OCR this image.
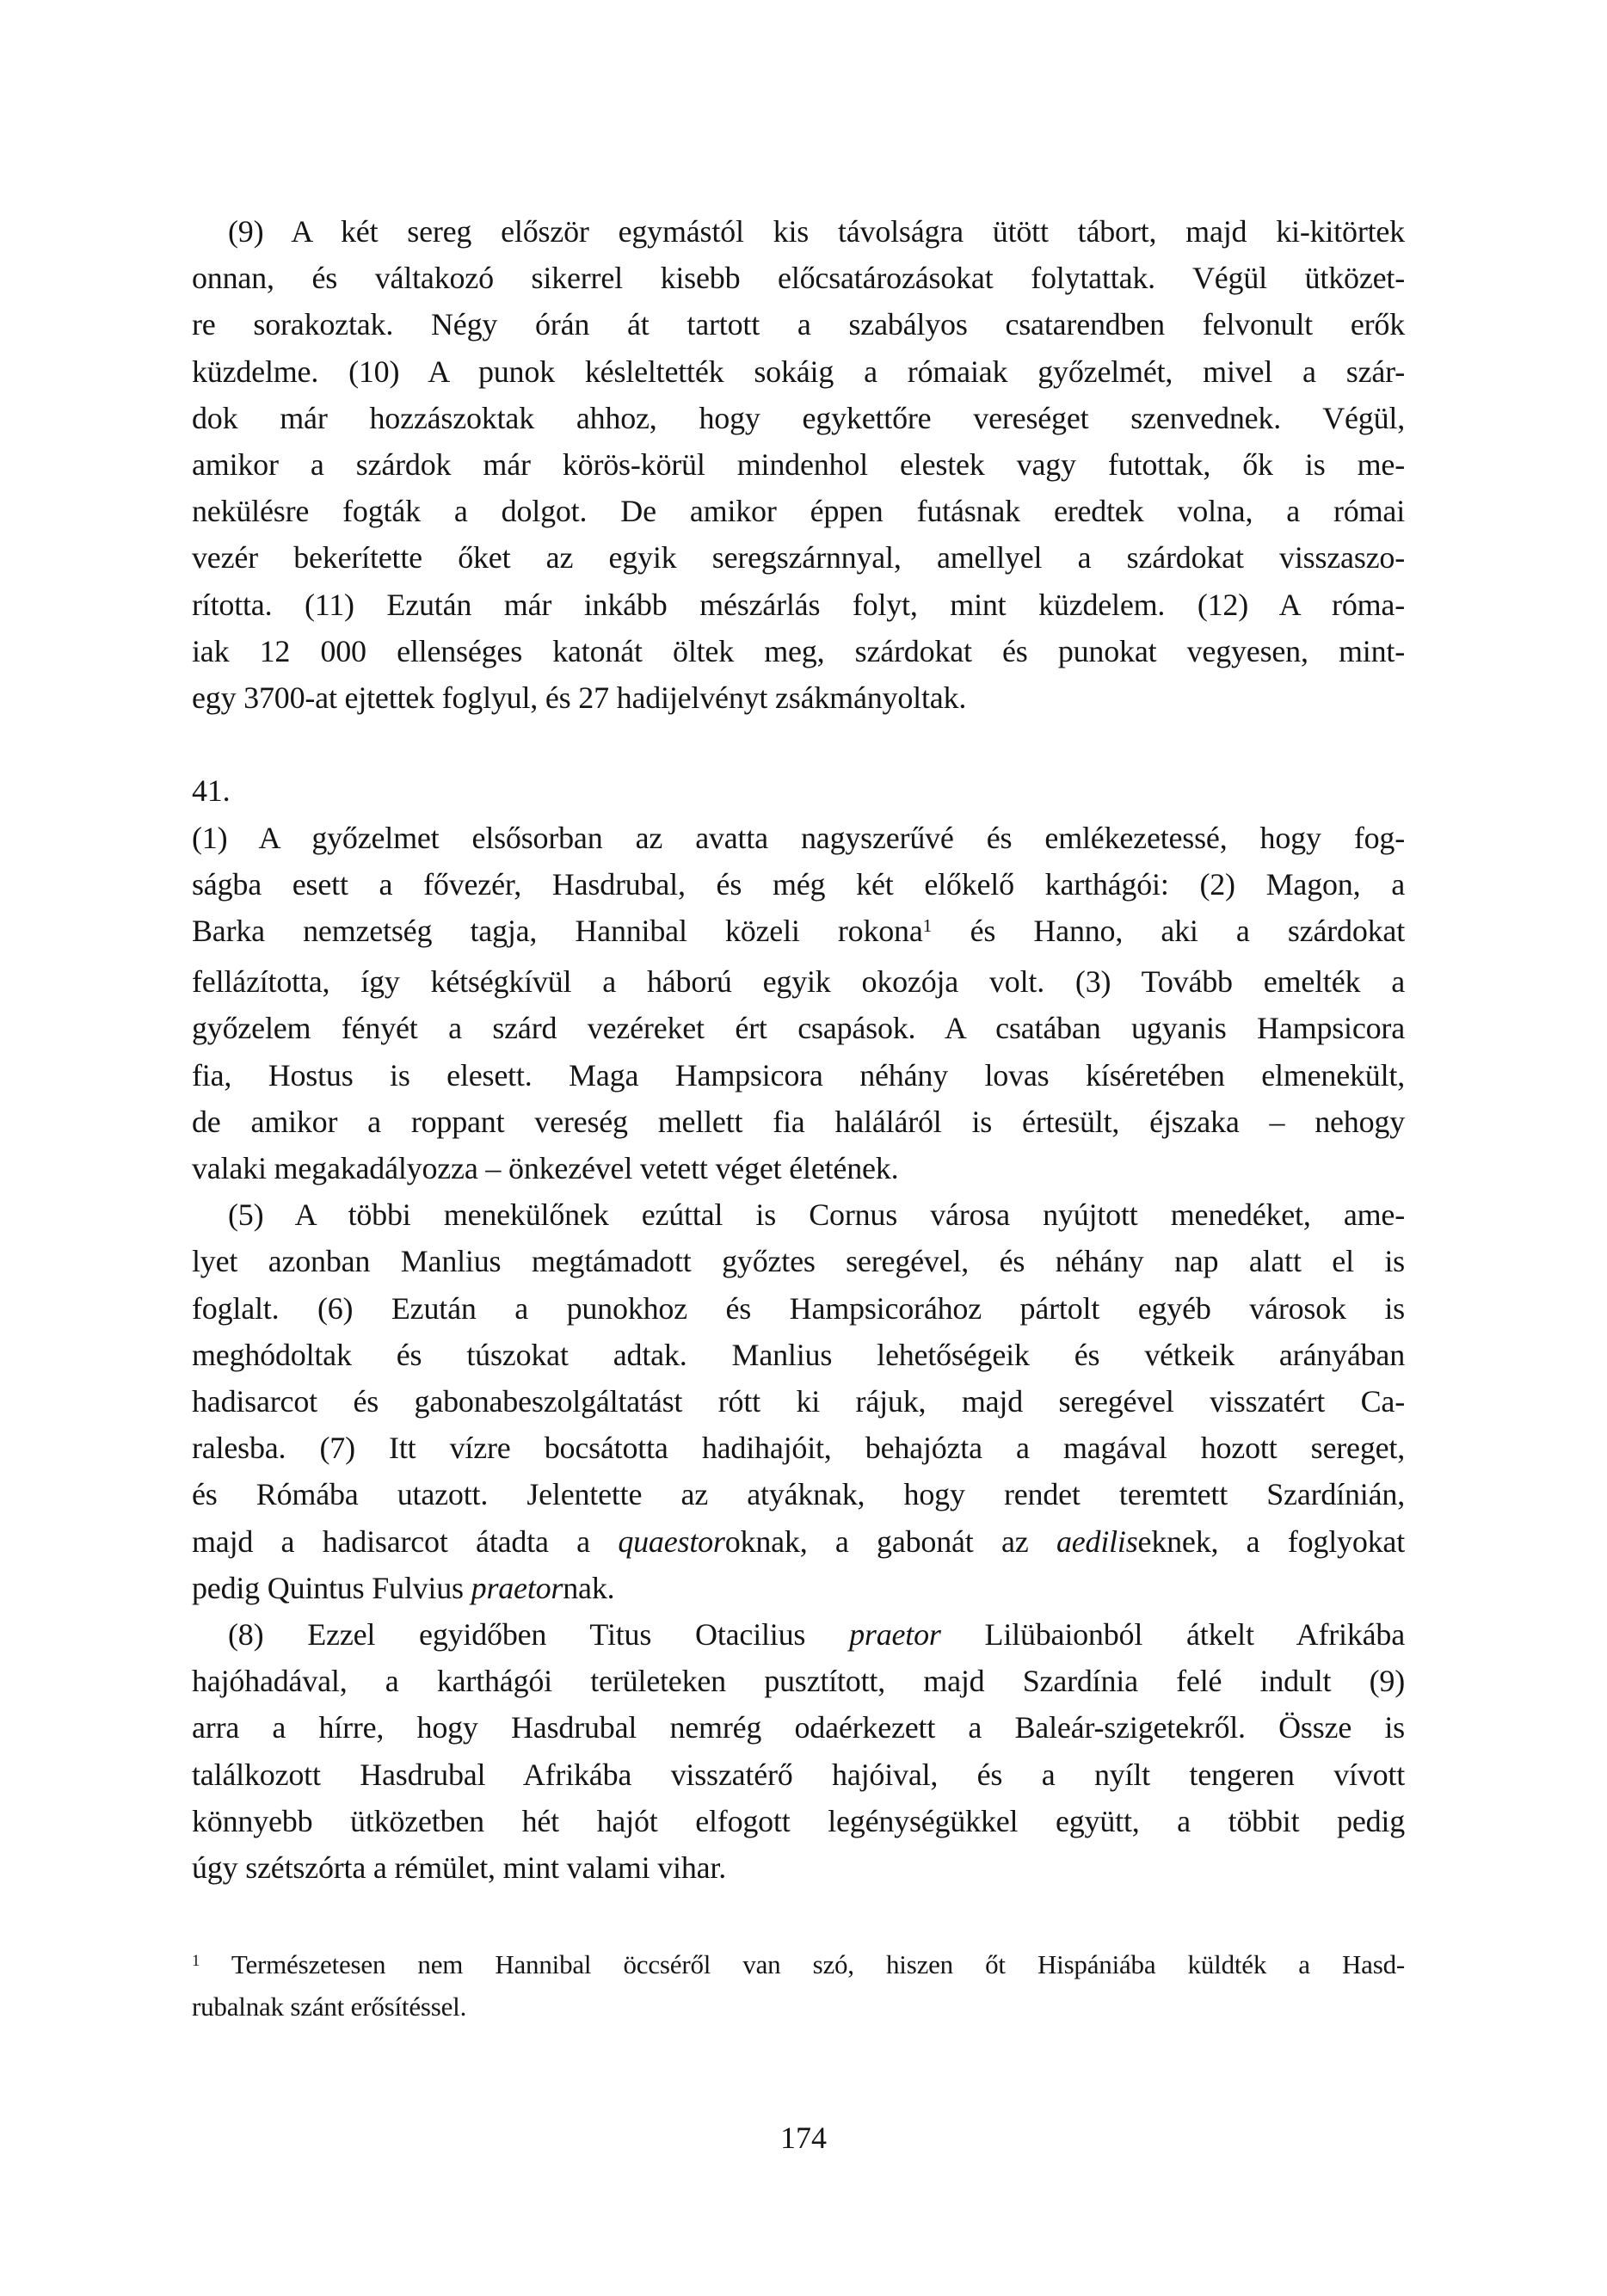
(9) A két sereg először egymástól kis távolságra ütött tábort, majd ki-kitörtek
onnan, és váltakozó sikerrel kisebb előcsatározásokat folytattak. Végül ütközet-
re sorakoztak. Négy órán át tartott a szabályos csatarendben felvonult erők
küzdelme. (10) A punok késleltették sokáig a rómaiak győzelmét, mivel a szár-
dok már hozzászoktak ahhoz, hogy egykettőre vereséget szenvednek. Végül,
amikor a szárdok már körös-körül mindenhol elestek vagy futottak, ők is me-
nekülésre fogták a dolgot. De amikor éppen futásnak eredtek volna, a római
vezér bekerítette őket az egyik seregszárnnyal, amellyel a szárdokat visszaszo-
rította. (11) Ezután már inkább mészárlás folyt, mint küzdelem. (12) A róma-
iak 12 000 ellenséges katonát öltek meg, szárdokat és punokat vegyesen, mint-
egy 3700-at ejtettek foglyul, és 27 hadijelvényt zsákmányoltak.
41.
(1) A győzelmet elsősorban az avatta nagyszerűvé és emlékezetessé, hogy fog-
ságba esett a fővezér, Hasdrubal, és még két előkelő karthágói: (2) Magon, a
Barka nemzetség tagja, Hannibal közeli rokona$^1$ és Hanno, aki a szárdokat
fellázította, így kétségkívül a háború egyik okozója volt. (3) Tovább emelték a
győzelem fényét a szárd vezéreket ért csapások. A csatában ugyanis Hampsicora
fia, Hostus is elesett. Maga Hampsicora néhány lovas kíséretében elmenekült,
de amikor a roppant vereség mellett fia haláláról is értesült, éjszaka – nehogy
valaki megakadályozza – önkezével vetett véget életének.
(5) A többi menekülőnek ezúttal is Cornus városa nyújtott menedéket, ame-
lyet azonban Manlius megtámadott győztes seregével, és néhány nap alatt el is
foglalt. (6) Ezután a punokhoz és Hampsicorához pártolt egyéb városok is
meghódoltak és túszokat adtak. Manlius lehetőségeik és vétkeik arányában
hadisarcot és gabonabeszolgáltatást rótt ki rájuk, majd seregével visszatért Ca-
ralesba. (7) Itt vízre bocsátotta hadihajóit, behajózta a magával hozott sereget,
és Rómába utazott. Jelentette az atyáknak, hogy rendet teremtett Szardínián,
majd a hadisarcot átadta a quaestoroknak, a gabonát az aediliseknek, a foglyokat
pedig Quintus Fulvius praetornak.
(8) Ezzel egyidőben Titus Otacilius praetor Lilübaionból átkelt Afrikába
hajóhadával, a karthágói területeken pusztított, majd Szardínia felé indult (9)
arra a hírre, hogy Hasdrubal nemrég odaérkezett a Baleár-szigetekről. Össze is
találkozott Hasdrubal Afrikába visszatérő hajóival, és a nyílt tengeren vívott
könnyebb ütközetben hét hajót elfogott legénységükkel együtt, a többit pedig
úgy szétszórta a rémület, mint valami vihar.
$^1$ Természetesen nem Hannibal öccséről van szó, hiszen őt Hispániába küldték a Hasd-
rubalnak szánt erősítéssel.
174
